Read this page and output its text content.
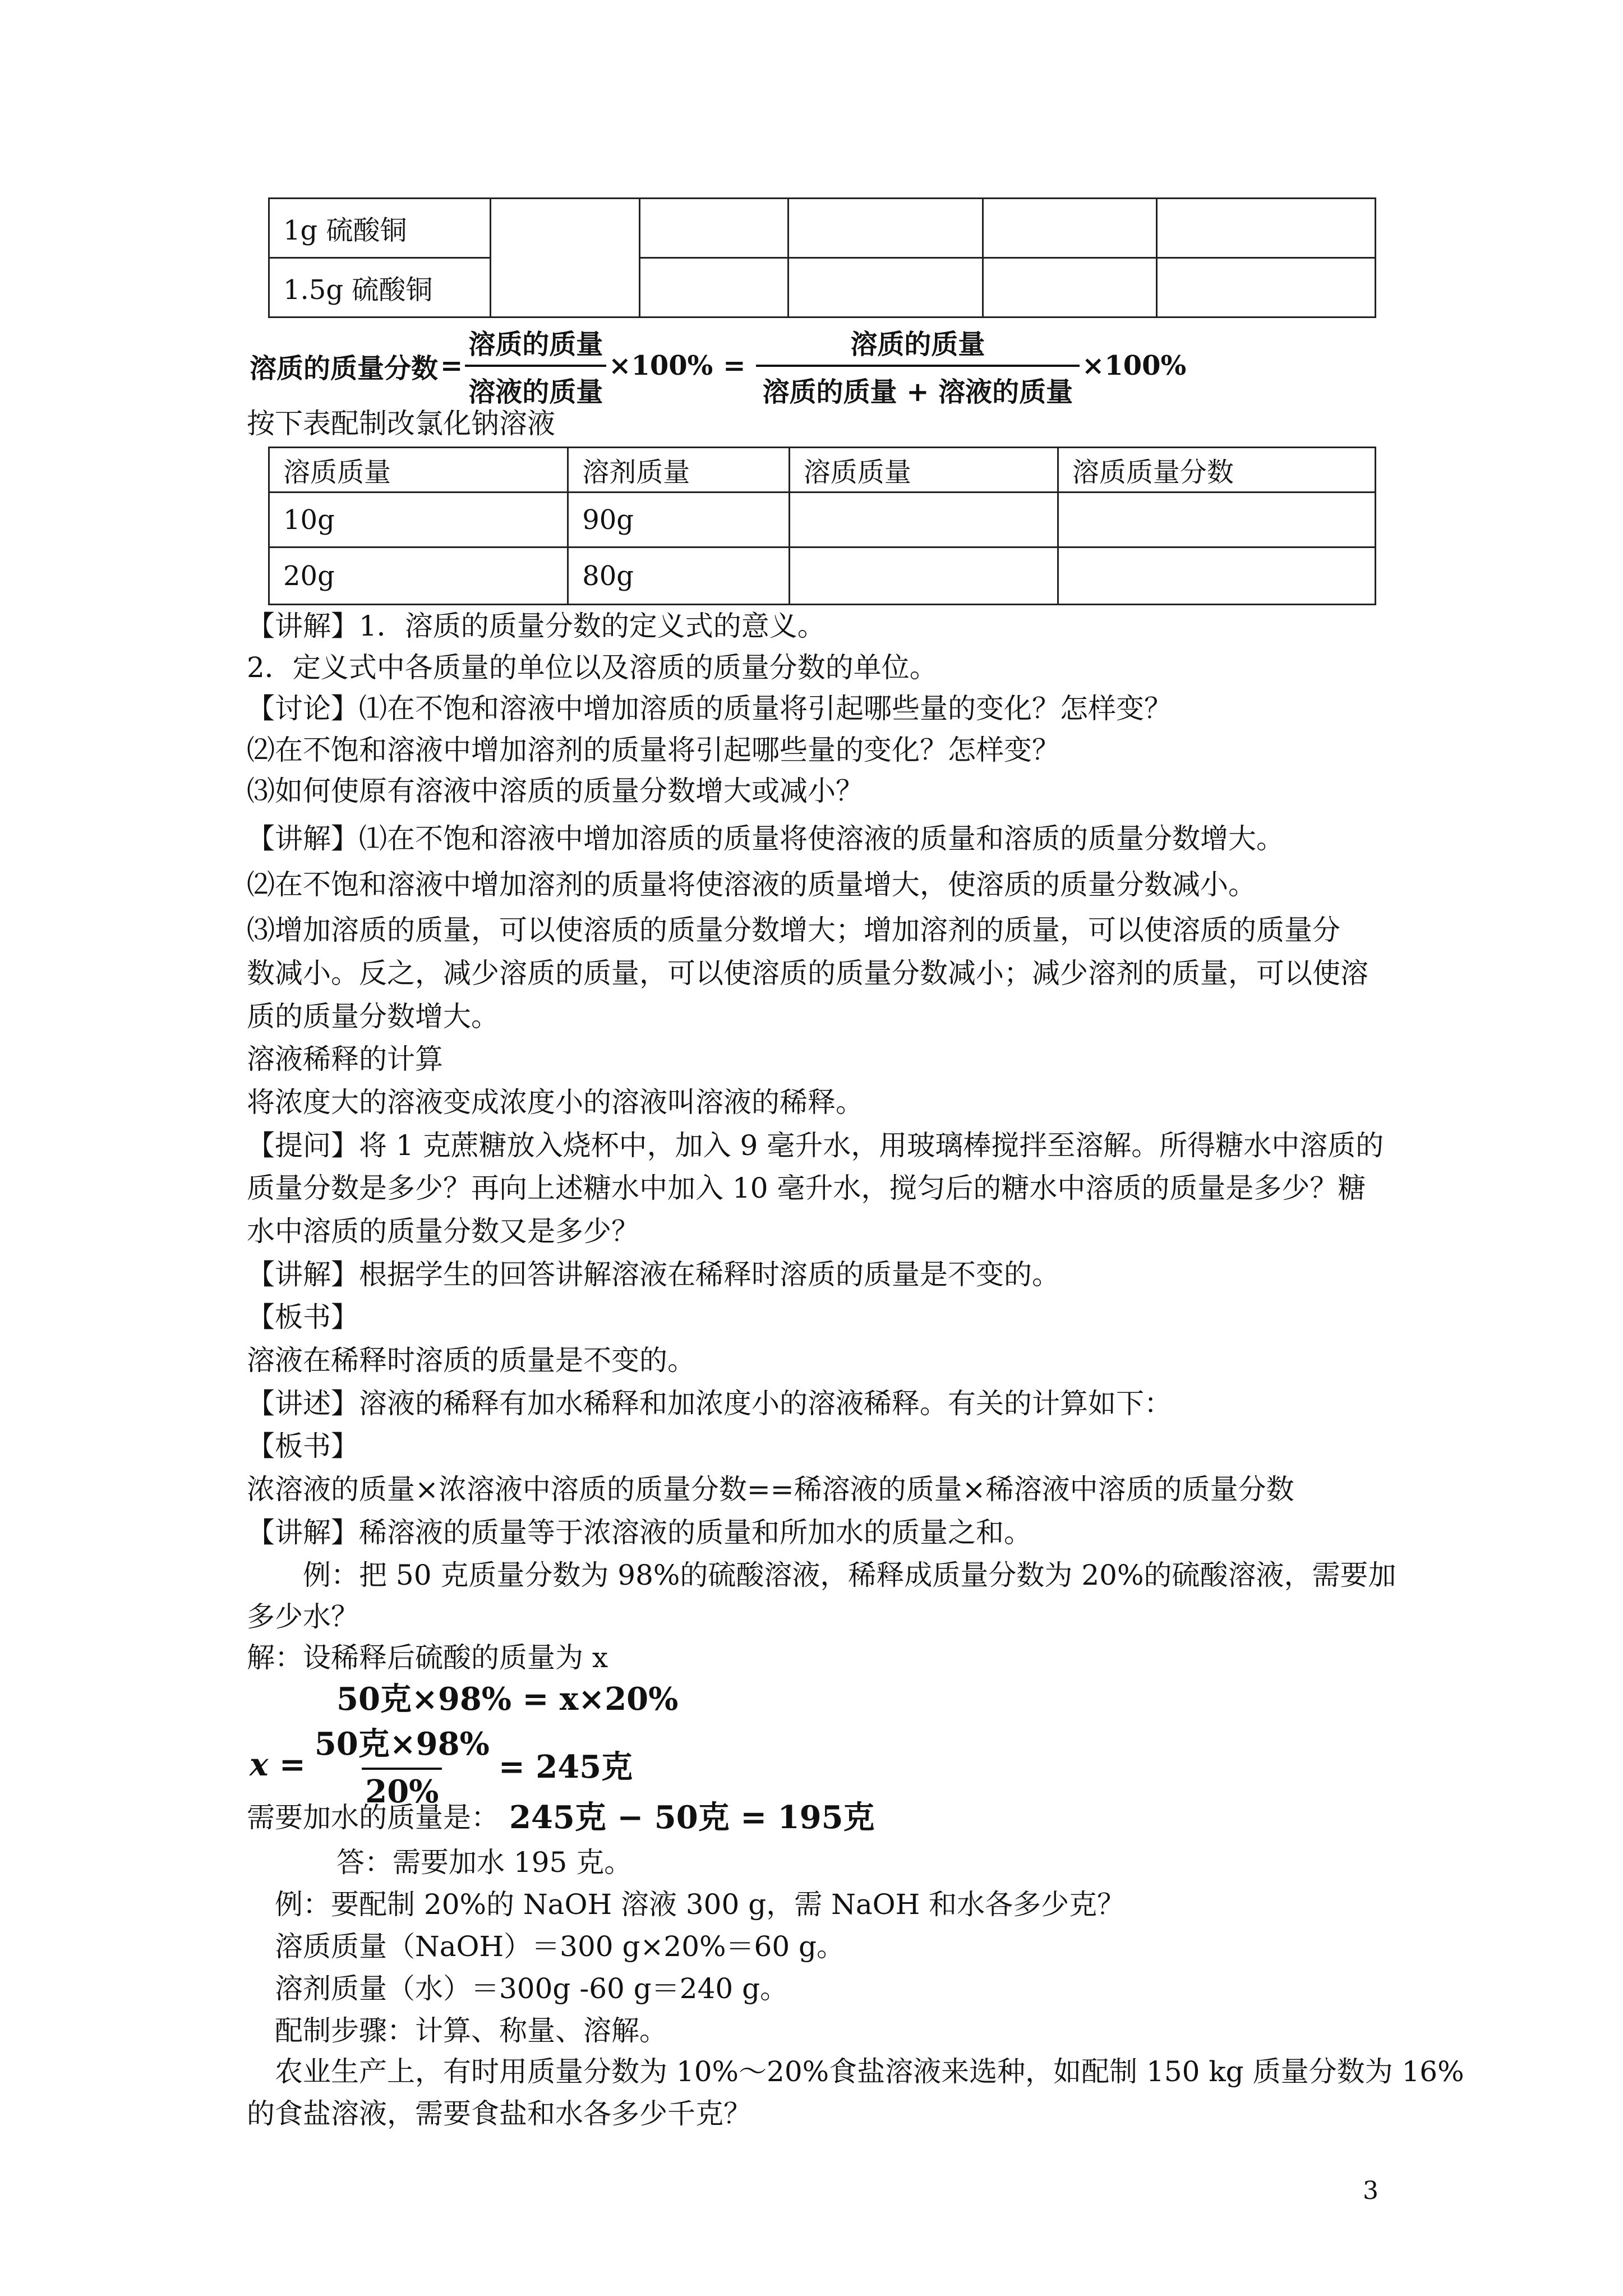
1g 硫酸铜					
1.5g 硫酸铜					
溶质的质量分数 = $\frac{\text{溶质的质量}}{\text{溶液的质量}} \times 100\% = \frac{\text{溶质的质量}}{\text{溶质的质量 + 溶液的质量}} \times 100\%$
按下表配制改氯化钠溶液
溶质质量	溶剂质量	溶质质量	溶质质量分数
10g	90g		
20g	80g		
【讲解】1．溶质的质量分数的定义式的意义。
2．定义式中各质量的单位以及溶质的质量分数的单位。
【讨论】⑴在不饱和溶液中增加溶质的质量将引起哪些量的变化？怎样变？
⑵在不饱和溶液中增加溶剂的质量将引起哪些量的变化？怎样变？
⑶如何使原有溶液中溶质的质量分数增大或减小？
【讲解】⑴在不饱和溶液中增加溶质的质量将使溶液的质量和溶质的质量分数增大。
⑵在不饱和溶液中增加溶剂的质量将使溶液的质量增大，使溶质的质量分数减小。
⑶增加溶质的质量，可以使溶质的质量分数增大；增加溶剂的质量，可以使溶质的质量分
数减小。反之，减少溶质的质量，可以使溶质的质量分数减小；减少溶剂的质量，可以使溶
质的质量分数增大。
溶液稀释的计算
将浓度大的溶液变成浓度小的溶液叫溶液的稀释。
【提问】将 1 克蔗糖放入烧杯中，加入 9 毫升水，用玻璃棒搅拌至溶解。所得糖水中溶质的
质量分数是多少？再向上述糖水中加入 10 毫升水，搅匀后的糖水中溶质的质量是多少？糖
水中溶质的质量分数又是多少？
【讲解】根据学生的回答讲解溶液在稀释时溶质的质量是不变的。
【板书】
溶液在稀释时溶质的质量是不变的。
【讲述】溶液的稀释有加水稀释和加浓度小的溶液稀释。有关的计算如下：
【板书】
浓溶液的质量×浓溶液中溶质的质量分数==稀溶液的质量×稀溶液中溶质的质量分数
【讲解】稀溶液的质量等于浓溶液的质量和所加水的质量之和。
例：把 50 克质量分数为 98%的硫酸溶液，稀释成质量分数为 20%的硫酸溶液，需要加
多少水？
解：设稀释后硫酸的质量为 x
50克×98% = x×20%
$x = \frac{\text{50克×98\%}}{20\%} = 245$克
需要加水的质量是： 245克 − 50克 = 195克
答：需要加水 195 克。
例：要配制 20%的 NaOH 溶液 300 g，需 NaOH 和水各多少克？
溶质质量（NaOH）＝300 g×20%＝60 g。
溶剂质量（水）＝300g -60 g＝240 g。
配制步骤：计算、称量、溶解。
农业生产上，有时用质量分数为 10%～20%食盐溶液来选种，如配制 150 kg 质量分数为 16%
的食盐溶液，需要食盐和水各多少千克？
3
